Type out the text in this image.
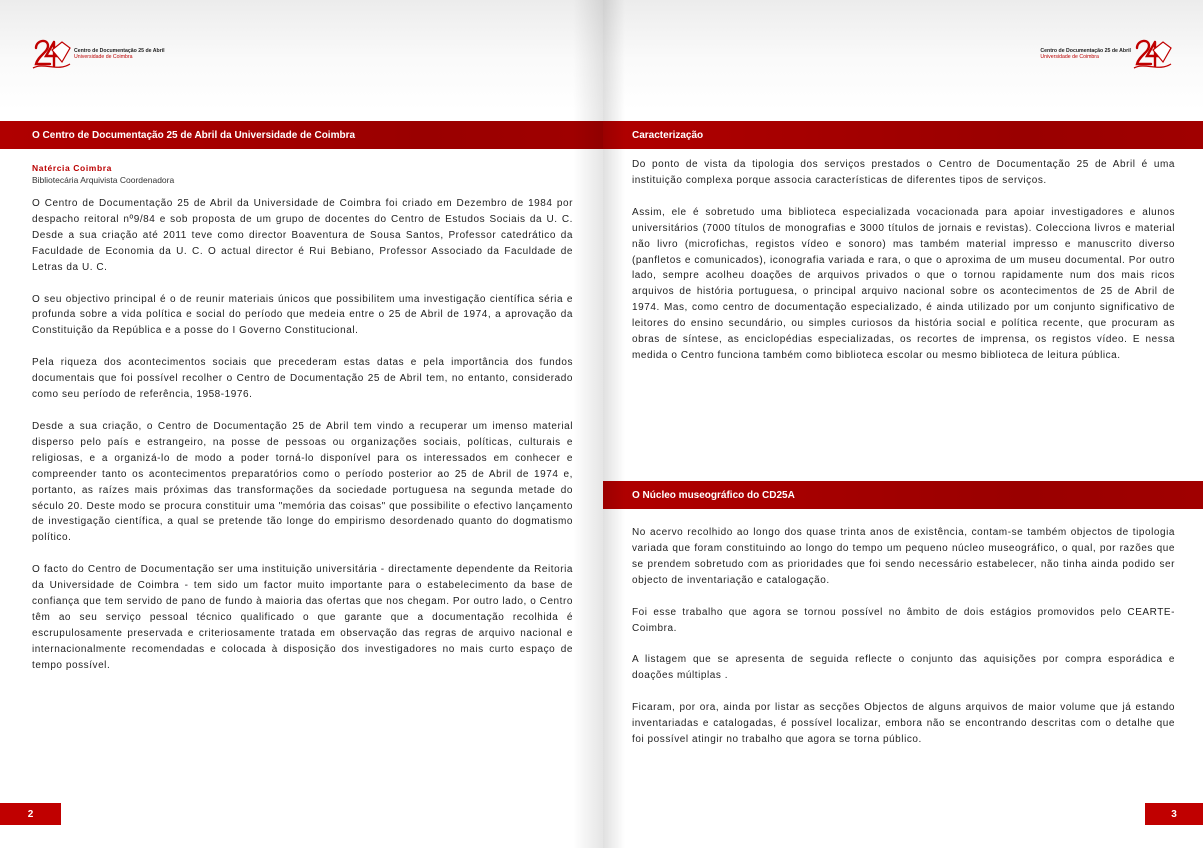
Centro de Documentação 25 de Abril
Universidade de Coimbra
O Centro de Documentação 25 de Abril da Universidade de Coimbra
Natércia Coimbra
Bibliotecária Arquivista Coordenadora

O Centro de Documentação 25 de Abril da Universidade de Coimbra foi criado em Dezembro de 1984 por despacho reitoral nº9/84 e sob proposta de um grupo de docentes do Centro de Estudos Sociais da U. C. Desde a sua criação até 2011 teve como director Boaventura de Sousa Santos, Professor catedrático da Faculdade de Economia da U. C. O actual director é Rui Bebiano, Professor Associado da Faculdade de Letras da U. C.

O seu objectivo principal é o de reunir materiais únicos que possibilitem uma investigação científica séria e profunda sobre a vida política e social do período que medeia entre o 25 de Abril de 1974, a aprovação da Constituição da República e a posse do I Governo Constitucional.

Pela riqueza dos acontecimentos sociais que precederam estas datas e pela importância dos fundos documentais que foi possível recolher o Centro de Documentação 25 de Abril tem, no entanto, considerado como seu período de referência, 1958-1976.

Desde a sua criação, o Centro de Documentação 25 de Abril tem vindo a recuperar um imenso material disperso pelo país e estrangeiro, na posse de pessoas ou organizações sociais, políticas, culturais e religiosas, e a organizá-lo de modo a poder torná-lo disponível para os interessados em conhecer e compreender tanto os acontecimentos preparatórios como o período posterior ao 25 de Abril de 1974 e, portanto, as raízes mais próximas das transformações da sociedade portuguesa na segunda metade do século 20. Deste modo se procura constituir uma "memória das coisas" que possibilite o efectivo lançamento de investigação científica, a qual se pretende tão longe do empirismo desordenado quanto do dogmatismo político.

O facto do Centro de Documentação ser uma instituição universitária - directamente dependente da Reitoria da Universidade de Coimbra - tem sido um factor muito importante para o estabelecimento da base de confiança que tem servido de pano de fundo à maioria das ofertas que nos chegam. Por outro lado, o Centro têm ao seu serviço pessoal técnico qualificado o que garante que a documentação recolhida é escrupulosamente preservada e criteriosamente tratada em observação das regras de arquivo nacional e internacionalmente recomendadas e colocada à disposição dos investigadores no mais curto espaço de tempo possível.

2
Centro de Documentação 25 de Abril
Universidade de Coimbra
Caracterização

Do ponto de vista da tipologia dos serviços prestados o Centro de Documentação 25 de Abril é uma instituição complexa porque associa características de diferentes tipos de serviços.

Assim, ele é sobretudo uma biblioteca especializada vocacionada para apoiar investigadores e alunos universitários (7000 títulos de monografias e 3000 títulos de jornais e revistas). Colecciona livros e material não livro (microfichas, registos vídeo e sonoro) mas também material impresso e manuscrito diverso (panfletos e comunicados), iconografia variada e rara, o que o aproxima de um museu documental. Por outro lado, sempre acolheu doações de arquivos privados o que o tornou rapidamente num dos mais ricos arquivos de história portuguesa, o principal arquivo nacional sobre os acontecimentos de 25 de Abril de 1974. Mas, como centro de documentação especializado, é ainda utilizado por um conjunto significativo de leitores do ensino secundário, ou simples curiosos da história social e política recente, que procuram as obras de síntese, as enciclopédias especializadas, os recortes de imprensa, os registos vídeo. E nessa medida o Centro funciona também como biblioteca escolar ou mesmo biblioteca de leitura pública.

O Núcleo museográfico do CD25A

No acervo recolhido ao longo dos quase trinta anos de existência, contam-se também objectos de tipologia variada que foram constituindo ao longo do tempo um pequeno núcleo museográfico, o qual, por razões que se prendem sobretudo com as prioridades que foi sendo necessário estabelecer, não tinha ainda podido ser objecto de inventariação e catalogação.

Foi esse trabalho que agora se tornou possível no âmbito de dois estágios promovidos pelo CEARTE-Coimbra.

A listagem que se apresenta de seguida reflecte o conjunto das aquisições por compra esporádica e doações múltiplas .

Ficaram, por ora, ainda por listar as secções Objectos de alguns arquivos de maior volume que já estando inventariadas e catalogadas, é possível localizar, embora não se encontrando descritas com o detalhe que foi possível atingir no trabalho que agora se torna público.

3
